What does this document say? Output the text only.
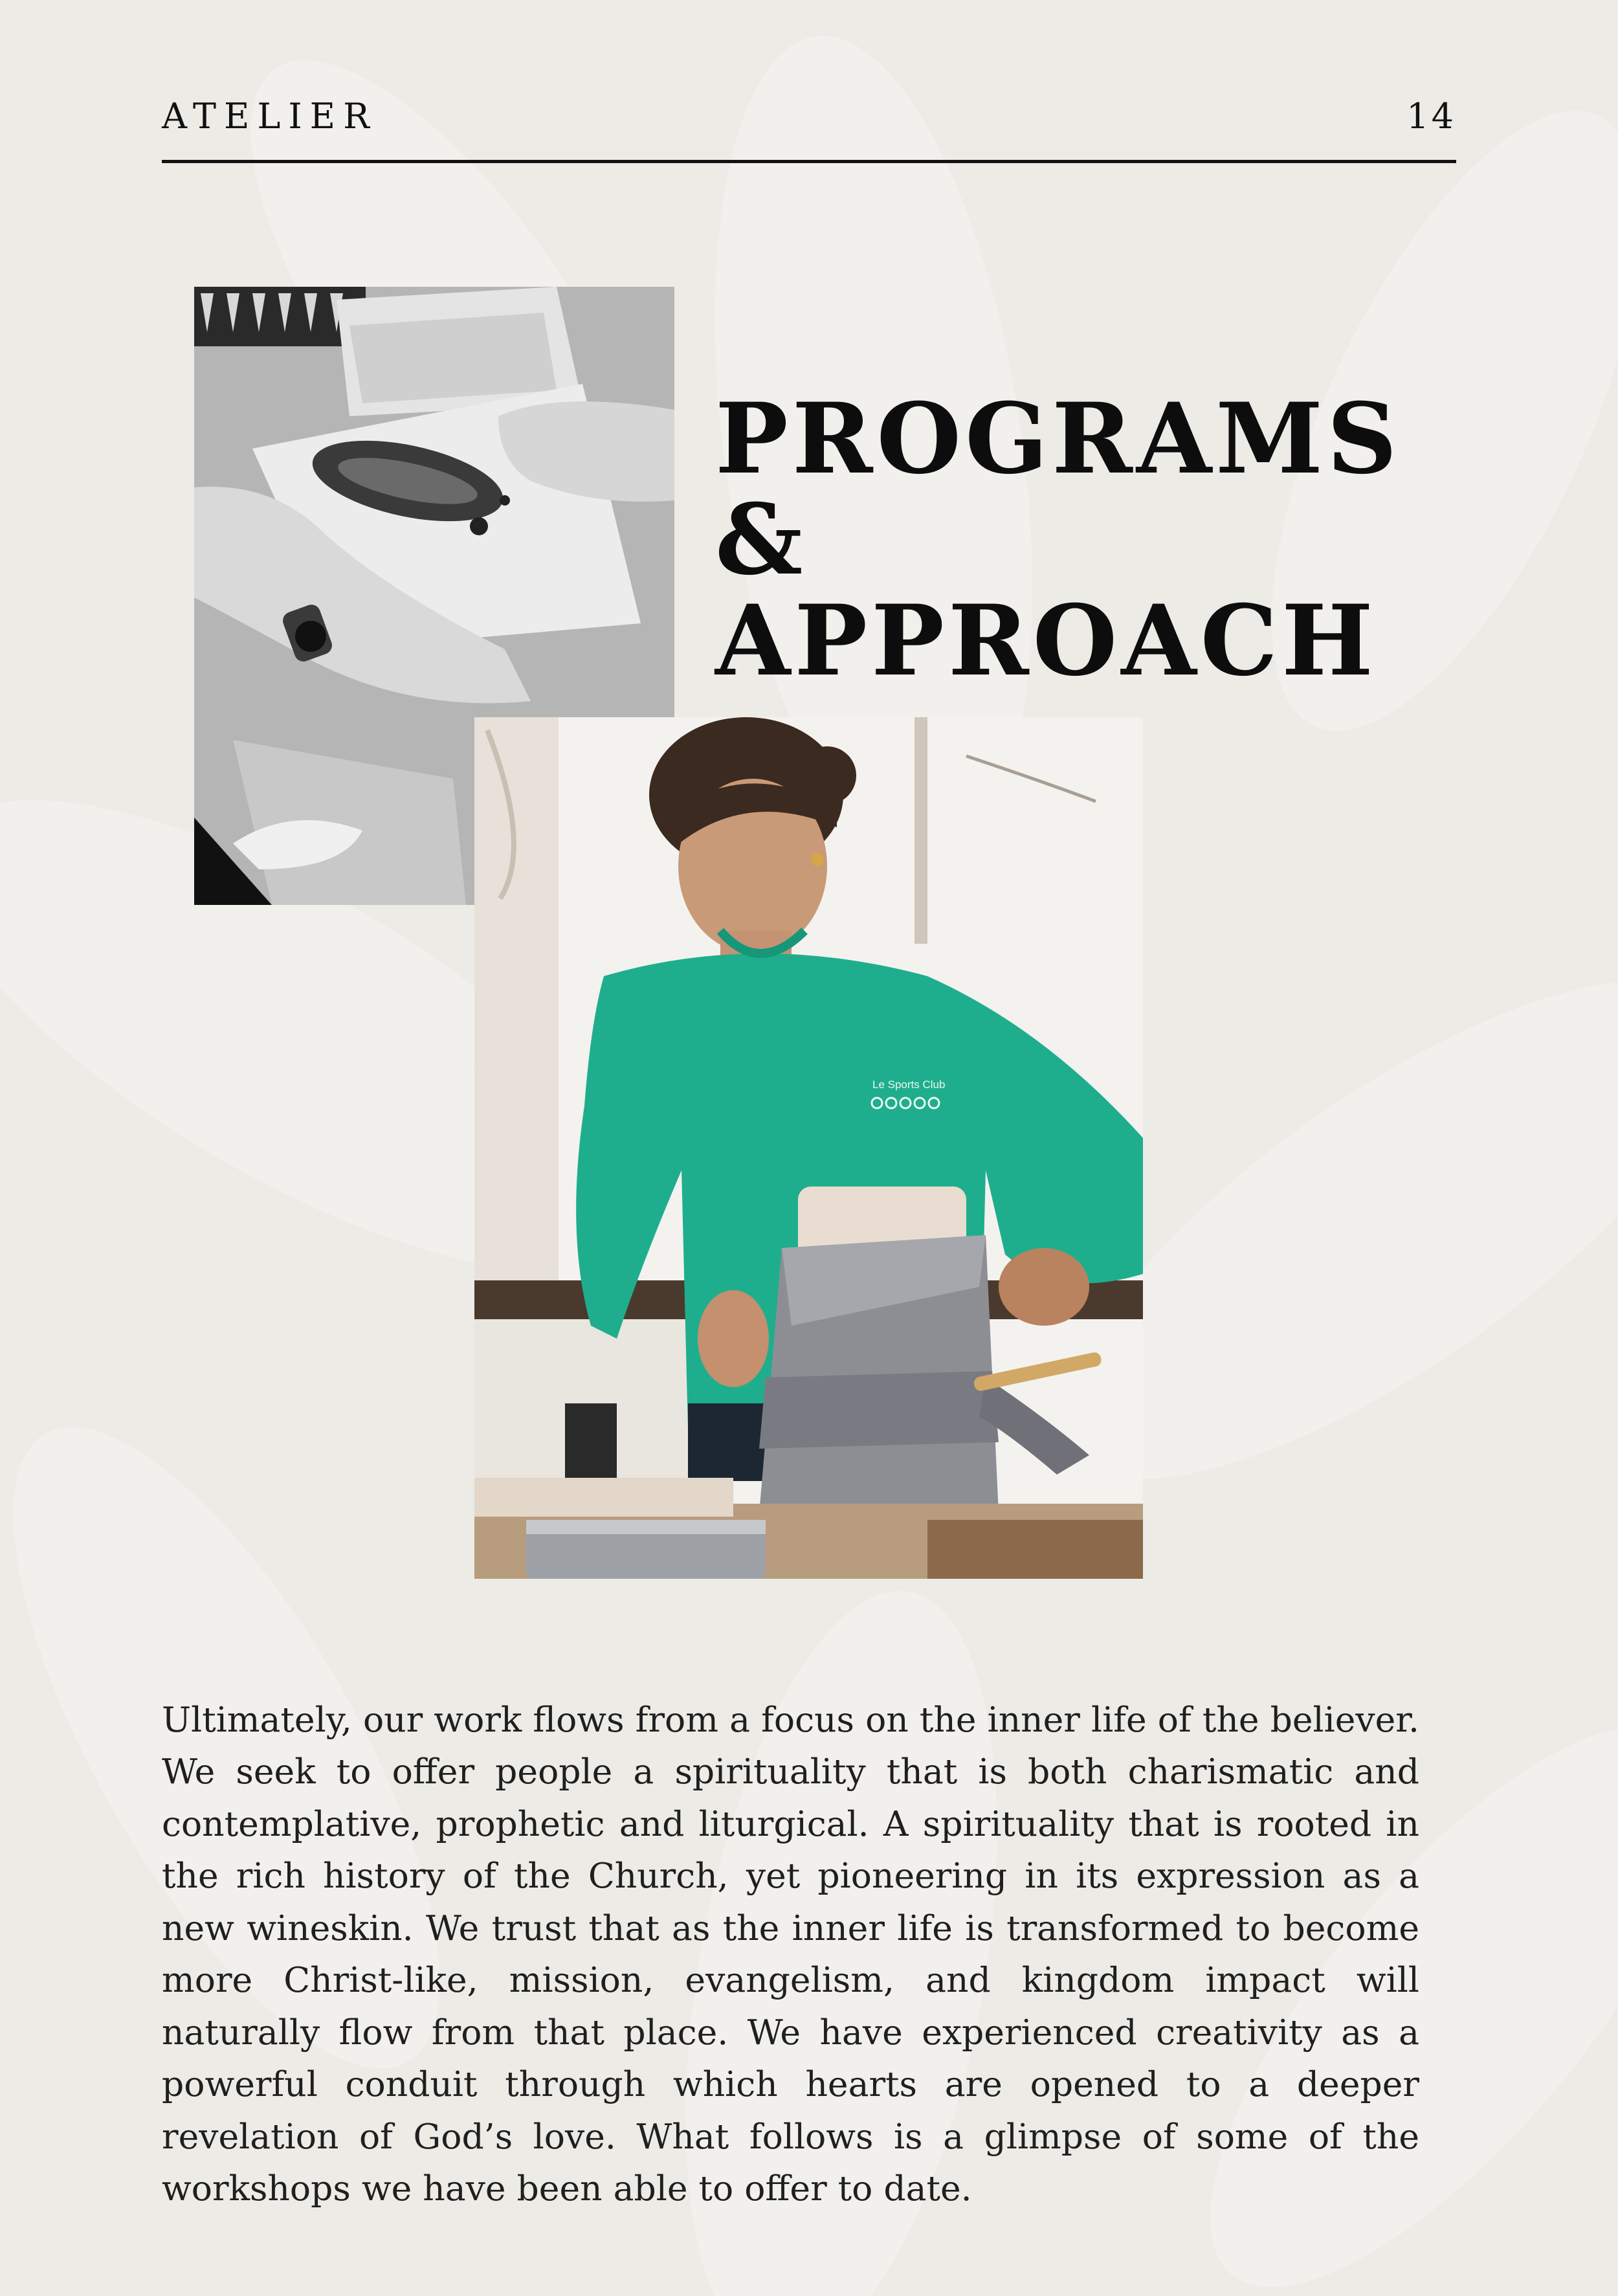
ATELIER	14
PROGRAMS &
APPROACH
Le Sports Club

Ultimately, our work flows from a focus on the inner life of the believer. We seek to offer people a spirituality that is both charismatic and contemplative, prophetic and liturgical. A spirituality that is rooted in the rich history of the Church, yet pioneering in its expression as a new wineskin. We trust that as the inner life is transformed to become more Christ-like, mission, evangelism, and kingdom impact will naturally flow from that place. We have experienced creativity as a powerful conduit through which hearts are opened to a deeper revelation of God’s love. What follows is a glimpse of some of the workshops we have been able to offer to date.
